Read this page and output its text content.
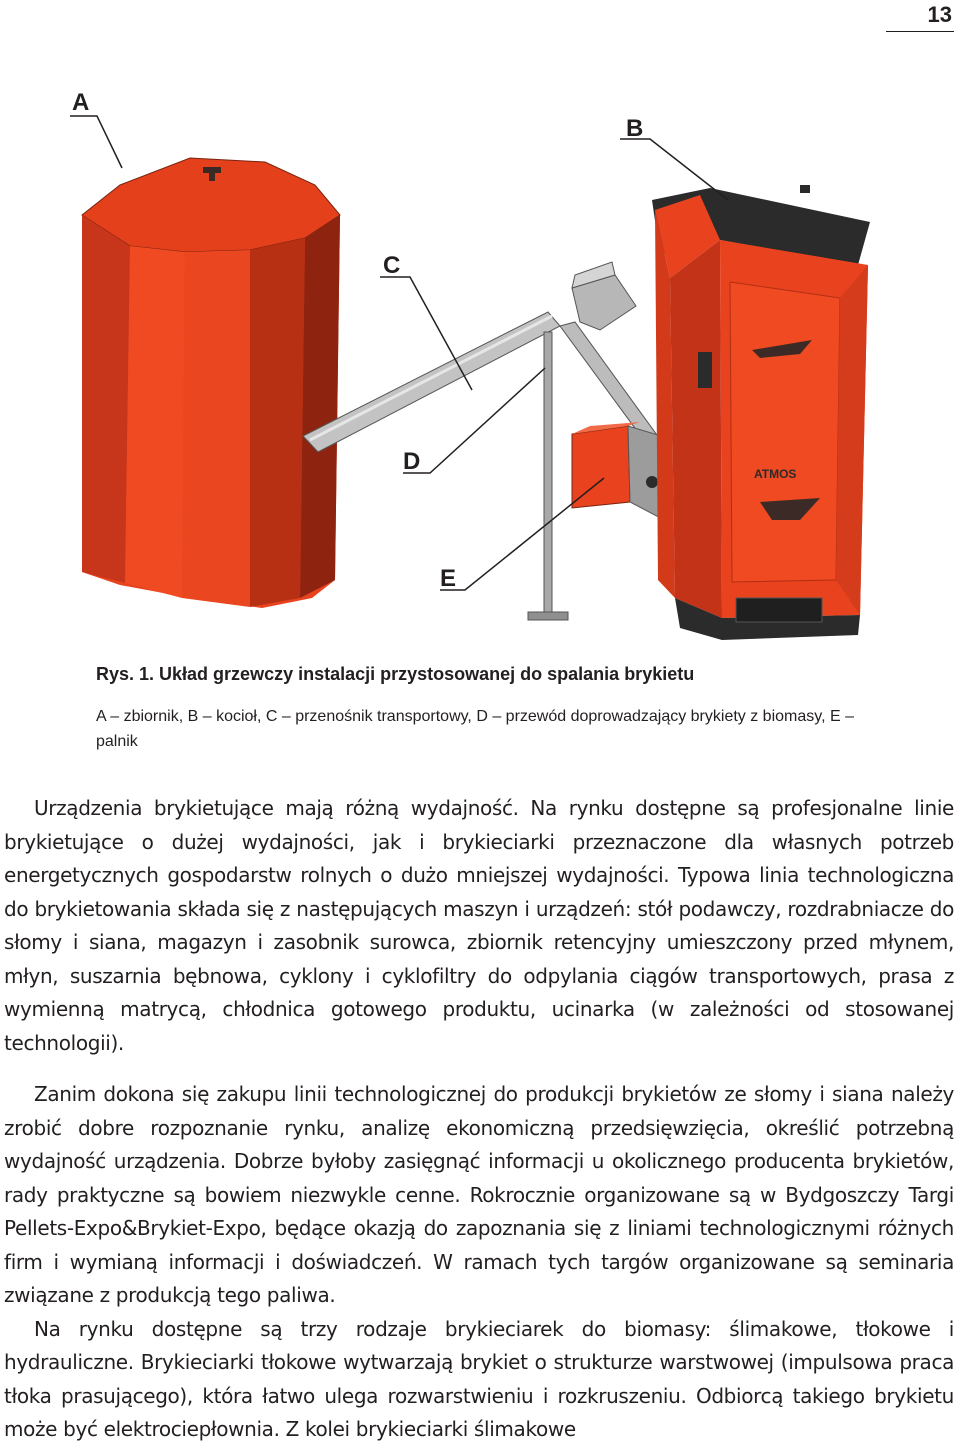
13
ATMOS
A
B
C
D
E
Rys. 1. Układ grzewczy instalacji przystosowanej do spalania brykietu
A – zbiornik, B – kocioł, C – przenośnik transportowy, D – przewód doprowadzający brykiety z biomasy, E – palnik

Urządzenia brykietujące mają różną wydajność. Na rynku dostępne są profesjonalne linie brykietujące o dużej wydajności, jak i brykieciarki przeznaczone dla własnych potrzeb energetycznych gospodarstw rolnych o dużo mniejszej wydajności. Typowa linia technologiczna do brykietowania składa się z następujących maszyn i urządzeń: stół podawczy, rozdrabniacze do słomy i siana, magazyn i zasobnik surowca, zbiornik retencyjny umieszczony przed młynem, młyn, suszarnia bębnowa, cyklony i cyklofiltry do odpylania ciągów transportowych, prasa z wymienną matrycą, chłodnica gotowego produktu, ucinarka (w zależności od stosowanej technologii).

Zanim dokona się zakupu linii technologicznej do produkcji brykietów ze słomy i siana należy zrobić dobre rozpoznanie rynku, analizę ekonomiczną przedsięwzięcia, określić potrzebną wydajność urządzenia. Dobrze byłoby zasięgnąć informacji u okolicznego producenta brykietów, rady praktyczne są bowiem niezwykle cenne. Rokrocznie organizowane są w Bydgoszczy Targi Pellets-Expo&Brykiet-Expo, będące okazją do zapoznania się z liniami technologicznymi różnych firm i wymianą informacji i doświadczeń. W ramach tych targów organizowane są seminaria związane z produkcją tego paliwa.

Na rynku dostępne są trzy rodzaje brykieciarek do biomasy: ślimakowe, tłokowe i hydrauliczne. Brykieciarki tłokowe wytwarzają brykiet o strukturze warstwowej (impulsowa praca tłoka prasującego), która łatwo ulega rozwarstwieniu i rozkruszeniu. Odbiorcą takiego brykietu może być elektrociepłownia. Z kolei brykieciarki ślimakowe
